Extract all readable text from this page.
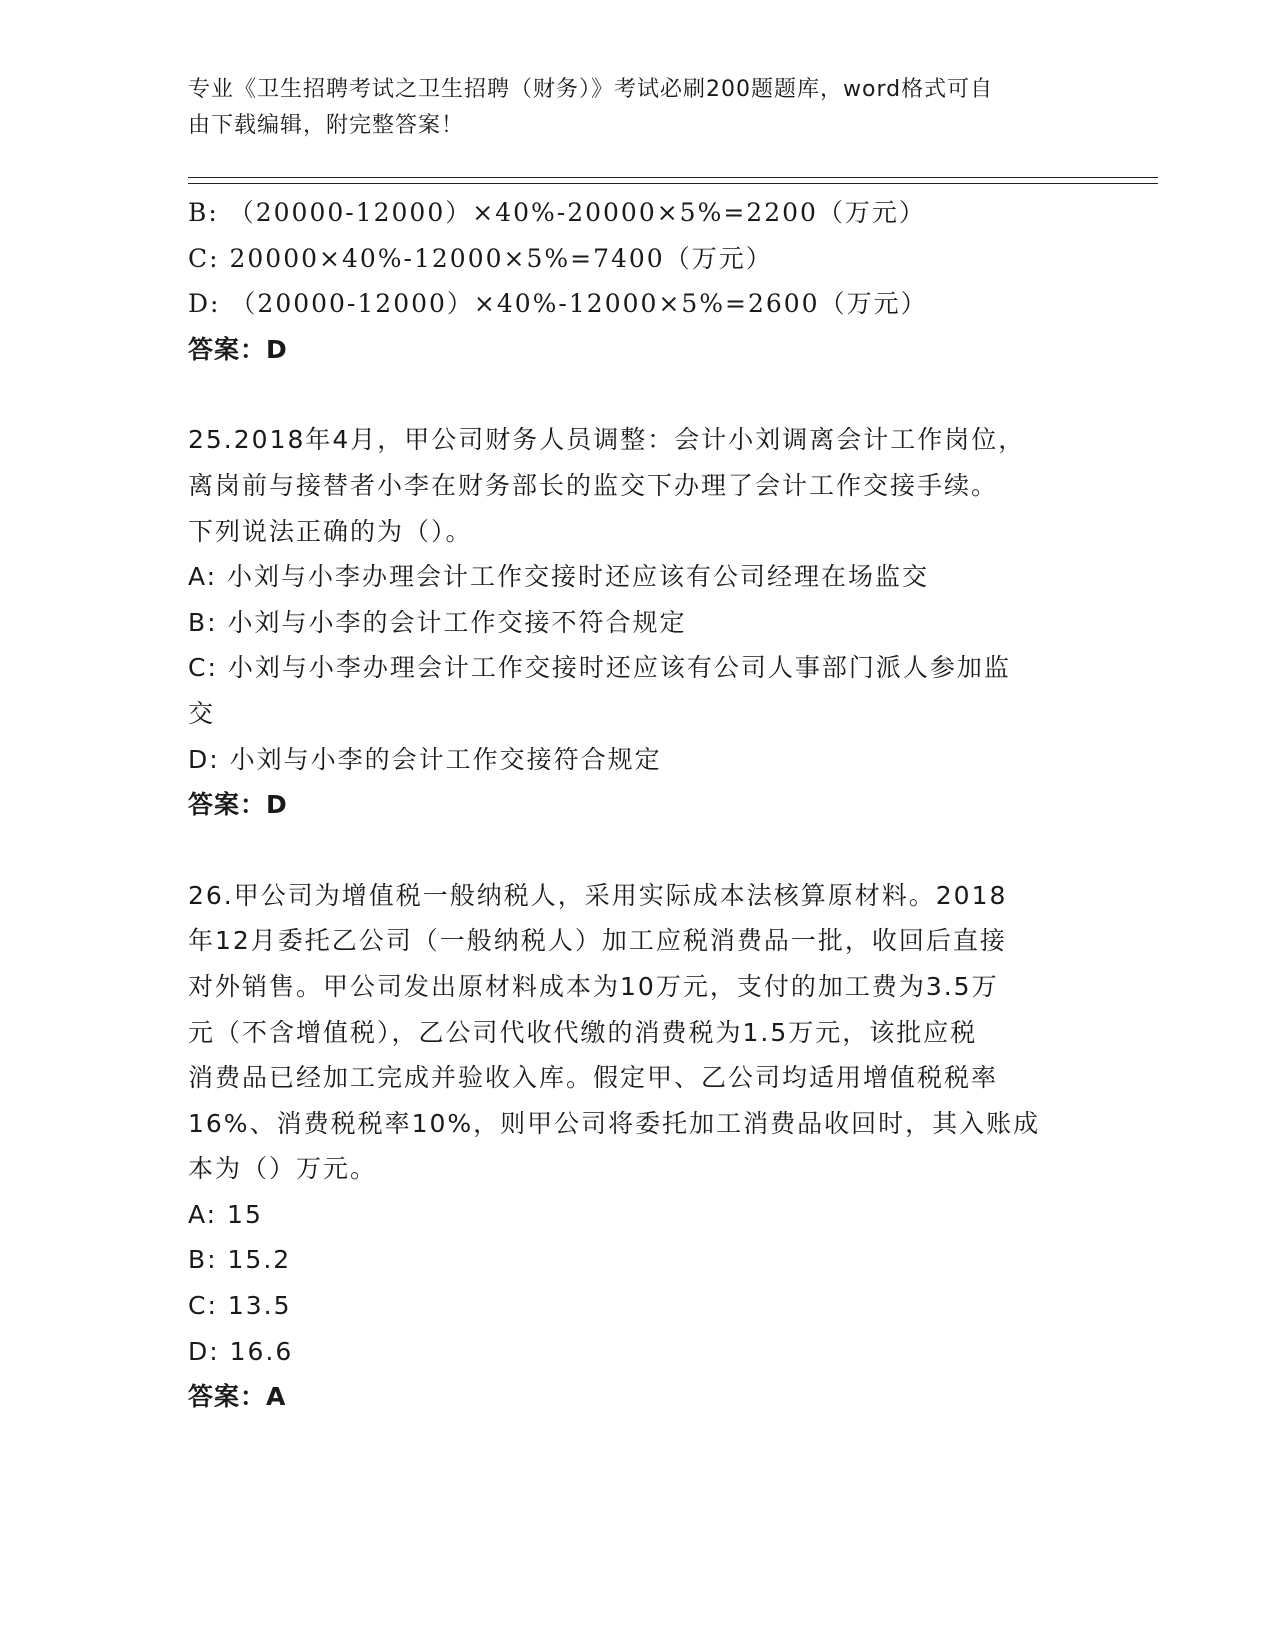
专业《卫生招聘考试之卫生招聘（财务）》考试必刷200题题库，word格式可自
由下载编辑，附完整答案！
B: （20000-12000）×40%-20000×5%=2200（万元）
C: 20000×40%-12000×5%=7400（万元）
D: （20000-12000）×40%-12000×5%=2600（万元）
答案：D
25.2018年4月，甲公司财务人员调整：会计小刘调离会计工作岗位，
离岗前与接替者小李在财务部长的监交下办理了会计工作交接手续。
下列说法正确的为（）。
A: 小刘与小李办理会计工作交接时还应该有公司经理在场监交
B: 小刘与小李的会计工作交接不符合规定
C: 小刘与小李办理会计工作交接时还应该有公司人事部门派人参加监
交
D: 小刘与小李的会计工作交接符合规定
答案：D
26.甲公司为增值税一般纳税人，采用实际成本法核算原材料。2018
年12月委托乙公司（一般纳税人）加工应税消费品一批，收回后直接
对外销售。甲公司发出原材料成本为10万元，支付的加工费为3.5万
元（不含增值税），乙公司代收代缴的消费税为1.5万元，该批应税
消费品已经加工完成并验收入库。假定甲、乙公司均适用增值税税率
16%、消费税税率10%，则甲公司将委托加工消费品收回时，其入账成
本为（）万元。
A: 15
B: 15.2
C: 13.5
D: 16.6
答案：A
